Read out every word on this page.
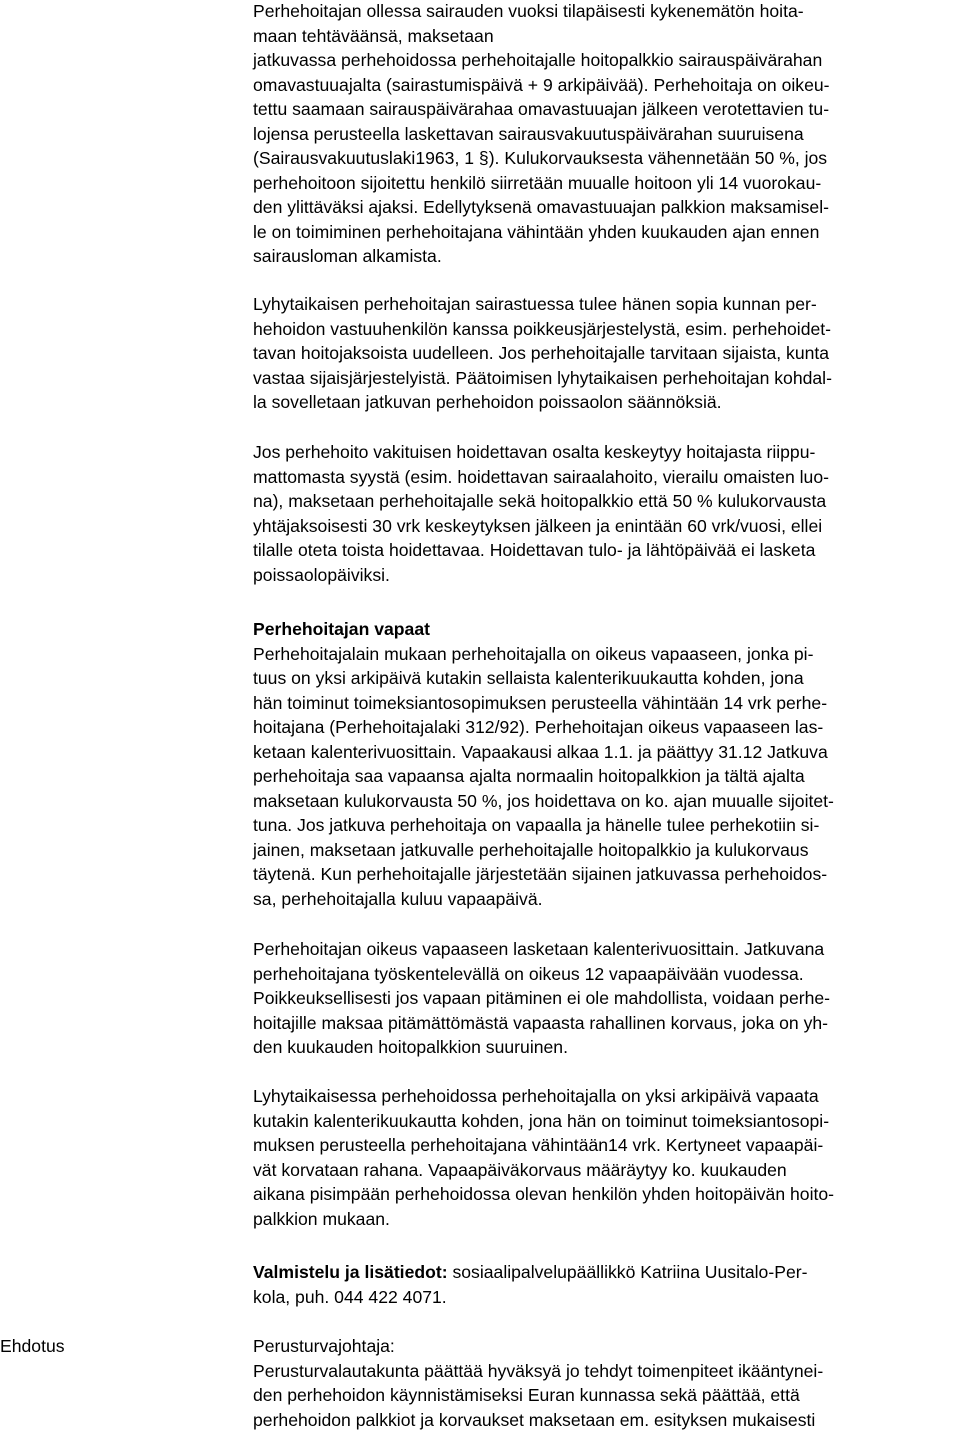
Perhehoitajan ollessa sairauden vuoksi tilapäisesti kykenemätön hoita-
maan tehtäväänsä, maksetaan
jatkuvassa perhehoidossa perhehoitajalle hoitopalkkio sairauspäivärahan
omavastuuajalta (sairastumispäivä + 9 arkipäivää). Perhehoitaja on oikeu-
tettu saamaan sairauspäivärahaa omavastuuajan jälkeen verotettavien tu-
lojensa perusteella laskettavan sairausvakuutuspäivärahan suuruisena
(Sairausvakuutuslaki1963, 1 §). Kulukorvauksesta vähennetään 50 %, jos
perhehoitoon sijoitettu henkilö siirretään muualle hoitoon yli 14 vuorokau-
den ylittäväksi ajaksi. Edellytyksenä omavastuuajan palkkion maksamisel-
le on toimiminen perhehoitajana vähintään yhden kuukauden ajan ennen
sairausloman alkamista.
Lyhytaikaisen perhehoitajan sairastuessa tulee hänen sopia kunnan per-
hehoidon vastuuhenkilön kanssa poikkeusjärjestelystä, esim. perhehoidet-
tavan hoitojaksoista uudelleen. Jos perhehoitajalle tarvitaan sijaista, kunta
vastaa sijaisjärjestelyistä. Päätoimisen lyhytaikaisen perhehoitajan kohdal-
la sovelletaan jatkuvan perhehoidon poissaolon säännöksiä.
Jos perhehoito vakituisen hoidettavan osalta keskeytyy hoitajasta riippu-
mattomasta syystä (esim. hoidettavan sairaalahoito, vierailu omaisten luo-
na), maksetaan perhehoitajalle sekä hoitopalkkio että 50 % kulukorvausta
yhtäjaksoisesti 30 vrk keskeytyksen jälkeen ja enintään 60 vrk/vuosi, ellei
tilalle oteta toista hoidettavaa. Hoidettavan tulo- ja lähtöpäivää ei lasketa
poissaolopäiviksi.
Perhehoitajan vapaat
Perhehoitajalain mukaan perhehoitajalla on oikeus vapaaseen, jonka pi-
tuus on yksi arkipäivä kutakin sellaista kalenterikuukautta kohden, jona
hän toiminut toimeksiantosopimuksen perusteella vähintään 14 vrk perhe-
hoitajana (Perhehoitajalaki 312/92). Perhehoitajan oikeus vapaaseen las-
ketaan kalenterivuosittain. Vapaakausi alkaa 1.1. ja päättyy 31.12 Jatkuva
perhehoitaja saa vapaansa ajalta normaalin hoitopalkkion ja tältä ajalta
maksetaan kulukorvausta 50 %, jos hoidettava on ko. ajan muualle sijoitet-
tuna. Jos jatkuva perhehoitaja on vapaalla ja hänelle tulee perhekotiin si-
jainen, maksetaan jatkuvalle perhehoitajalle hoitopalkkio ja kulukorvaus
täytenä. Kun perhehoitajalle järjestetään sijainen jatkuvassa perhehoidos-
sa, perhehoitajalla kuluu vapaapäivä.
Perhehoitajan oikeus vapaaseen lasketaan kalenterivuosittain. Jatkuvana
perhehoitajana työskentelevällä on oikeus 12 vapaapäivään vuodessa.
Poikkeuksellisesti jos vapaan pitäminen ei ole mahdollista, voidaan perhe-
hoitajille maksaa pitämättömästä vapaasta rahallinen korvaus, joka on yh-
den kuukauden hoitopalkkion suuruinen.
Lyhytaikaisessa perhehoidossa perhehoitajalla on yksi arkipäivä vapaata
kutakin kalenterikuukautta kohden, jona hän on toiminut toimeksiantosopi-
muksen perusteella perhehoitajana vähintään14 vrk. Kertyneet vapaapäi-
vät korvataan rahana. Vapaapäiväkorvaus määräytyy ko. kuukauden
aikana pisimpään perhehoidossa olevan henkilön yhden hoitopäivän hoito-
palkkion mukaan.
Valmistelu ja lisätiedot: sosiaalipalvelupäällikkö Katriina Uusitalo-Per-
kola, puh. 044 422 4071.
Perusturvajohtaja:
Perusturvalautakunta päättää hyväksyä jo tehdyt toimenpiteet ikääntynei-
den perhehoidon käynnistämiseksi Euran kunnassa sekä päättää, että
perhehoidon palkkiot ja korvaukset maksetaan em. esityksen mukaisesti
Ehdotus
